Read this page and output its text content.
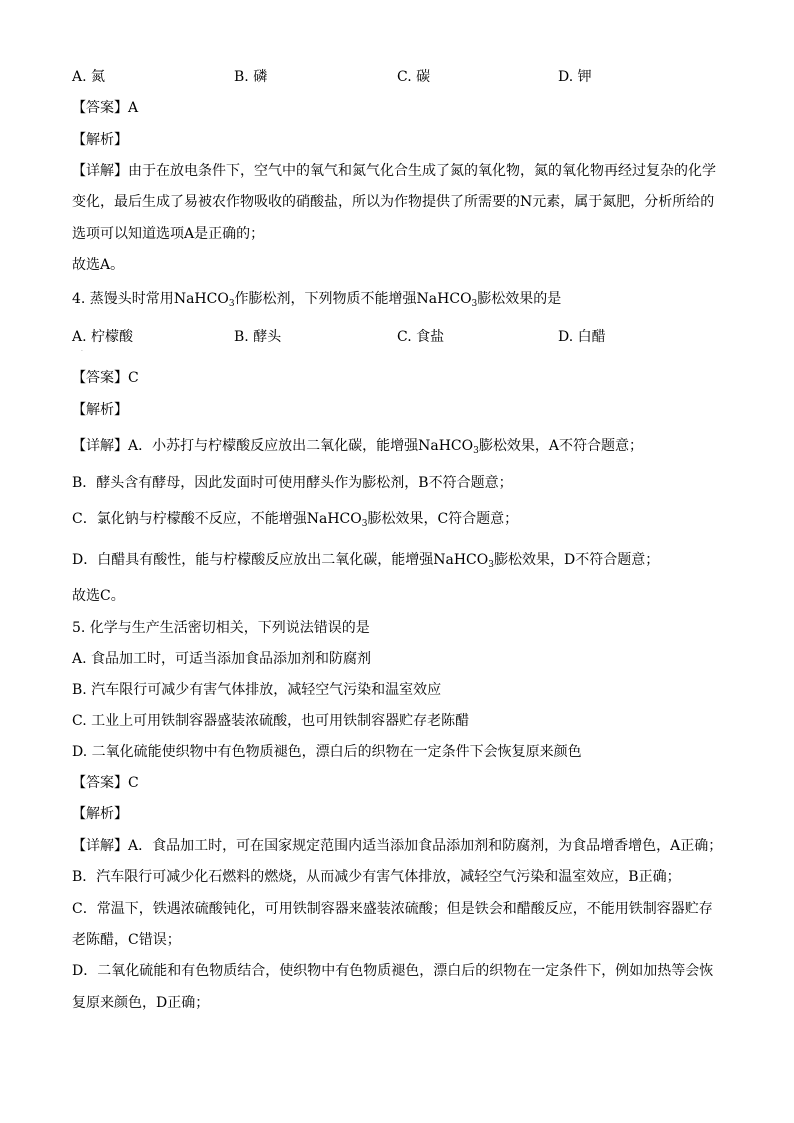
A. 氮	B. 磷	C. 碳	D. 钾
【答案】A
【解析】
【详解】由于在放电条件下，空气中的氧气和氮气化合生成了氮的氧化物，氮的氧化物再经过复杂的化学
变化，最后生成了易被农作物吸收的硝酸盐，所以为作物提供了所需要的N元素，属于氮肥，分析所给的
选项可以知道选项A是正确的；
故选A。
4. 蒸馒头时常用NaHCO$_3$作膨松剂，下列物质不能增强NaHCO$_3$膨松效果的是
A. 柠檬酸	B. 酵头	C. 食盐	D. 白醋
·
【答案】C
【解析】
【详解】A．小苏打与柠檬酸反应放出二氧化碳，能增强NaHCO$_3$膨松效果，A不符合题意；
B．酵头含有酵母，因此发面时可使用酵头作为膨松剂，B不符合题意；
C．氯化钠与柠檬酸不反应，不能增强NaHCO$_3$膨松效果，C符合题意；
D．白醋具有酸性，能与柠檬酸反应放出二氧化碳，能增强NaHCO$_3$膨松效果，D不符合题意；
故选C。
5. 化学与生产生活密切相关，下列说法错误的是
A. 食品加工时，可适当添加食品添加剂和防腐剂
B. 汽车限行可减少有害气体排放，减轻空气污染和温室效应
C. 工业上可用铁制容器盛装浓硫酸，也可用铁制容器贮存老陈醋
D. 二氧化硫能使织物中有色物质褪色，漂白后的织物在一定条件下会恢复原来颜色
【答案】C
【解析】
【详解】A．食品加工时，可在国家规定范围内适当添加食品添加剂和防腐剂，为食品增香增色，A正确；
B．汽车限行可减少化石燃料的燃烧，从而减少有害气体排放，减轻空气污染和温室效应，B正确；
C．常温下，铁遇浓硫酸钝化，可用铁制容器来盛装浓硫酸；但是铁会和醋酸反应，不能用铁制容器贮存
老陈醋，C错误；
D．二氧化硫能和有色物质结合，使织物中有色物质褪色，漂白后的织物在一定条件下，例如加热等会恢
复原来颜色，D正确；
